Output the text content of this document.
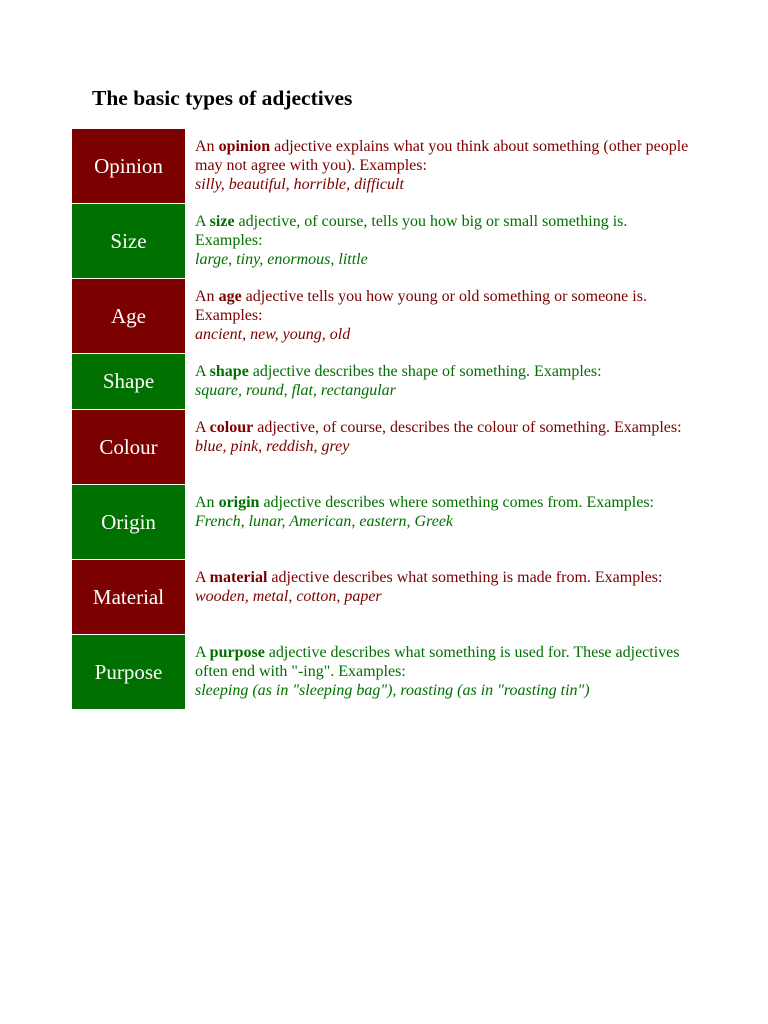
The basic types of adjectives
Opinion
An opinion adjective explains what you think about something (other people may not agree with you). Examples:
silly, beautiful, horrible, difficult
Size
A size adjective, of course, tells you how big or small something is. Examples:
large, tiny, enormous, little
Age
An age adjective tells you how young or old something or someone is. Examples:
ancient, new, young, old
Shape	A shape adjective describes the shape of something. Examples:
square, round, flat, rectangular
Colour
A colour adjective, of course, describes the colour of something. Examples:
blue, pink, reddish, grey
Origin
An origin adjective describes where something comes from. Examples:
French, lunar, American, eastern, Greek
Material
A material adjective describes what something is made from. Examples:
wooden, metal, cotton, paper
Purpose
A purpose adjective describes what something is used for. These adjectives often end with "-ing". Examples:
sleeping (as in "sleeping bag"), roasting (as in "roasting tin")
